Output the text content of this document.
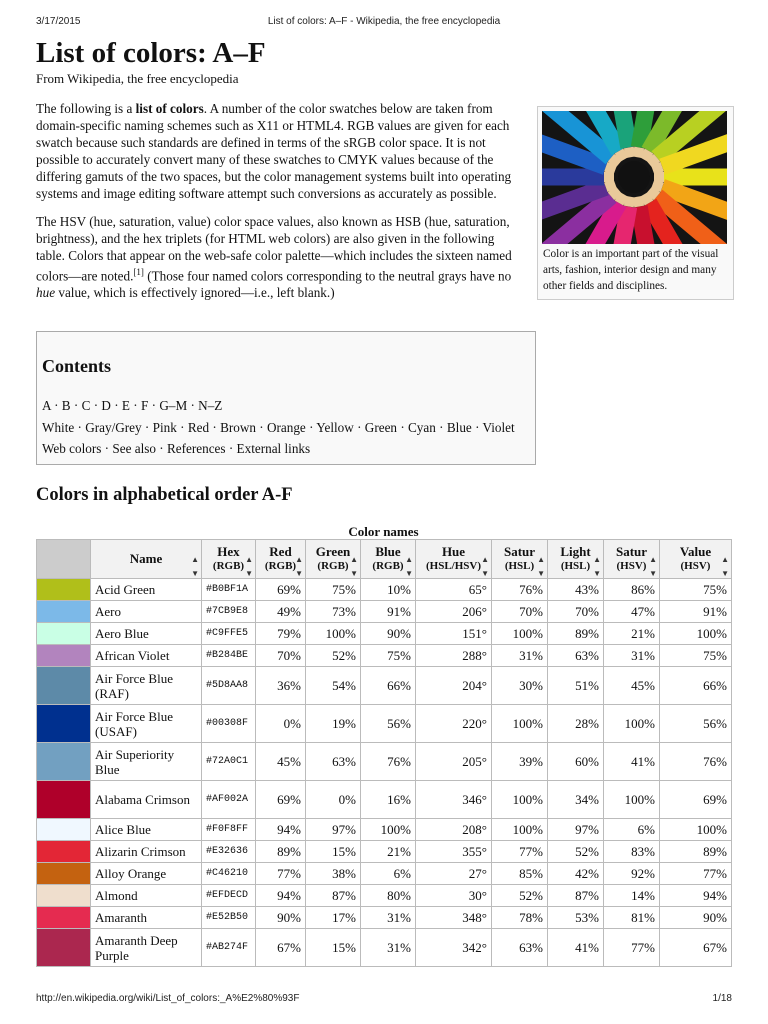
3/17/2015	List of colors: A–F - Wikipedia, the free encyclopedia
List of colors: A–F
From Wikipedia, the free encyclopedia

The following is a list of colors. A number of the color swatches below are taken from domain-specific naming schemes such as X11 or HTML4. RGB values are given for each swatch because such standards are defined in terms of the sRGB color space. It is not possible to accurately convert many of these swatches to CMYK values because of the differing gamuts of the two spaces, but the color management systems built into operating systems and image editing software attempt such conversions as accurately as possible.

The HSV (hue, saturation, value) color space values, also known as HSB (hue, saturation, brightness), and the hex triplets (for HTML web colors) are also given in the following table. Colors that appear on the web-safe color palette—which includes the sixteen named colors—are noted.[1] (Those four named colors corresponding to the neutral grays have no hue value, which is effectively ignored—i.e., left blank.)

Color is an important part of the visual arts, fashion, interior design and many other fields and disciplines.
Contents
A · B · C · D · E · F · G–M · N–Z
White · Gray/Grey · Pink · Red · Brown · Orange · Yellow · Green · Cyan · Blue · Violet
Web colors · See also · References · External links
Colors in alphabetical order A-F
Color names
	Name ▲
▼	Hex
(RGB)
▲
▼	Red
(RGB)
▲
▼	Green
(RGB)
▲
▼	Blue
(RGB)
▲
▼	Hue
(HSL/HSV)
▲
▼	Satur
(HSL)
▲
▼	Light
(HSL)
▲
▼	Satur
(HSV)
▲
▼	Value
(HSV)
▲
▼

	Acid Green	#B0BF1A	69%	75%	10%	65°	76%	43%	86%	75%
	Aero	#7CB9E8	49%	73%	91%	206°	70%	70%	47%	91%
	Aero Blue	#C9FFE5	79%	100%	90%	151°	100%	89%	21%	100%
	African Violet	#B284BE	70%	52%	75%	288°	31%	63%	31%	75%
	Air Force Blue (RAF)	#5D8AA8	36%	54%	66%	204°	30%	51%	45%	66%
	Air Force Blue (USAF)	#00308F	0%	19%	56%	220°	100%	28%	100%	56%
	Air Superiority Blue	#72A0C1	45%	63%	76%	205°	39%	60%	41%	76%
	Alabama Crimson	#AF002A	69%	0%	16%	346°	100%	34%	100%	69%
	Alice Blue	#F0F8FF	94%	97%	100%	208°	100%	97%	6%	100%
	Alizarin Crimson	#E32636	89%	15%	21%	355°	77%	52%	83%	89%
	Alloy Orange	#C46210	77%	38%	6%	27°	85%	42%	92%	77%
	Almond	#EFDECD	94%	87%	80%	30°	52%	87%	14%	94%
	Amaranth	#E52B50	90%	17%	31%	348°	78%	53%	81%	90%
	Amaranth Deep Purple	#AB274F	67%	15%	31%	342°	63%	41%	77%	67%
http://en.wikipedia.org/wiki/List_of_colors:_A%E2%80%93F	1/18
